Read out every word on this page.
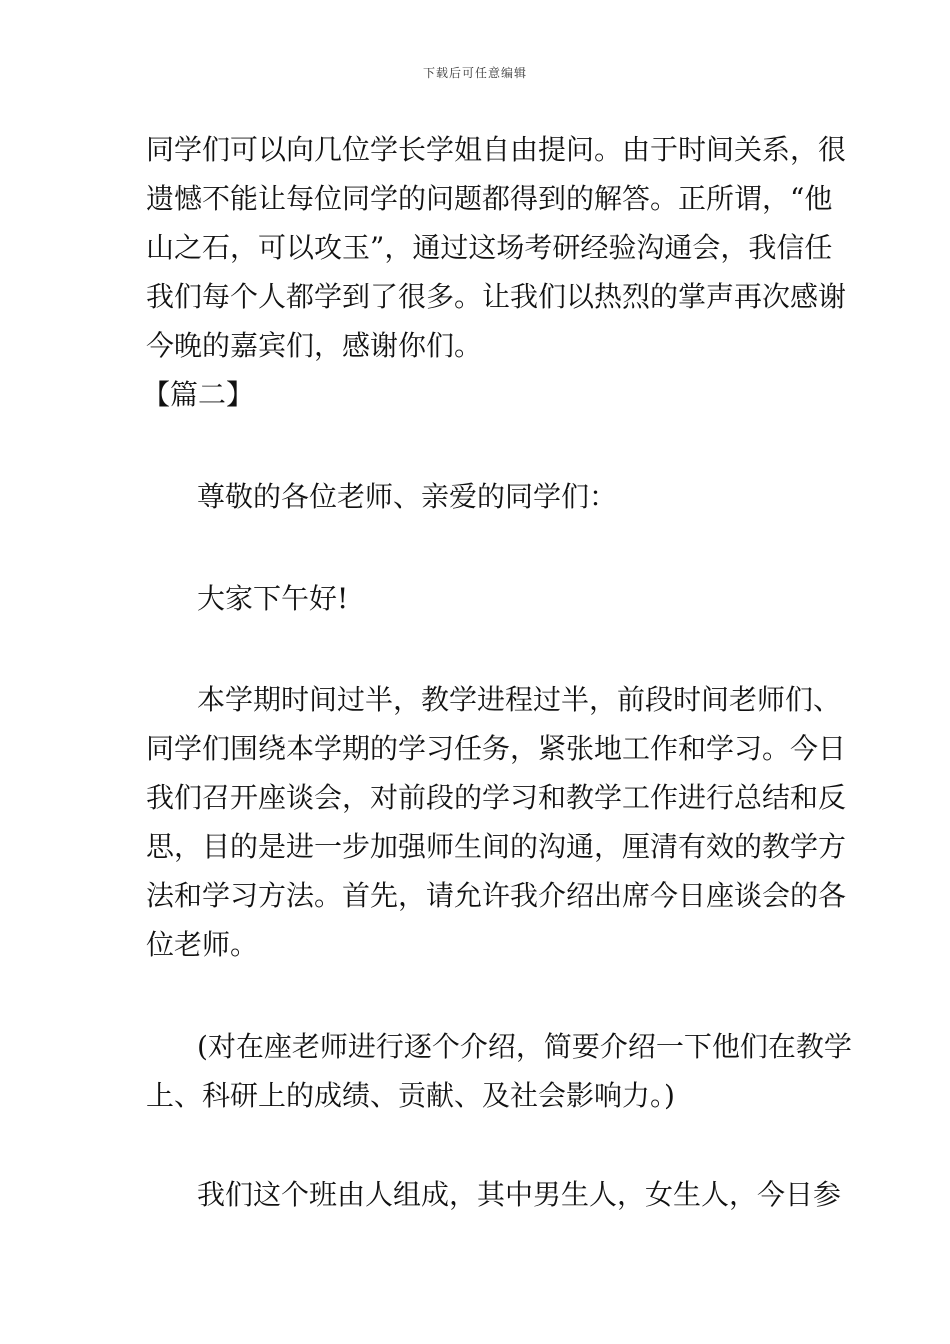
下载后可任意编辑
同学们可以向几位学长学姐自由提问。由于时间关系，很
遗憾不能让每位同学的问题都得到的解答。正所谓，“他
山之石，可以攻玉”，通过这场考研经验沟通会，我信任
我们每个人都学到了很多。让我们以热烈的掌声再次感谢
今晚的嘉宾们，感谢你们。
【篇二】
尊敬的各位老师、亲爱的同学们：
大家下午好!
本学期时间过半，教学进程过半，前段时间老师们、
同学们围绕本学期的学习任务，紧张地工作和学习。今日
我们召开座谈会，对前段的学习和教学工作进行总结和反
思，目的是进一步加强师生间的沟通，厘清有效的教学方
法和学习方法。首先，请允许我介绍出席今日座谈会的各
位老师。
(对在座老师进行逐个介绍，简要介绍一下他们在教学
上、科研上的成绩、贡献、及社会影响力。)
我们这个班由人组成，其中男生人，女生人，今日参
